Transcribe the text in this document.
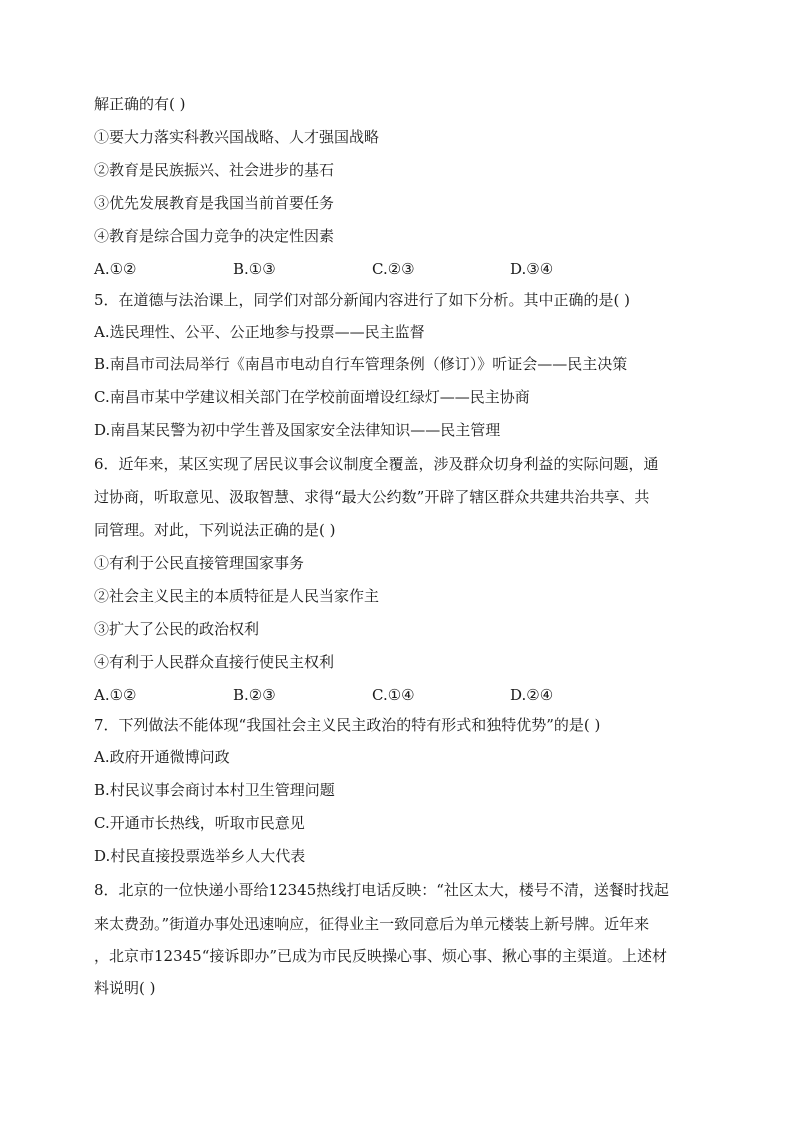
解正确的有( )
①要大力落实科教兴国战略、人才强国战略
②教育是民族振兴、社会进步的基石
③优先发展教育是我国当前首要任务
④教育是综合国力竞争的决定性因素
A.①②	B.①③	C.②③	D.③④
5．在道德与法治课上，同学们对部分新闻内容进行了如下分析。其中正确的是( )
A.选民理性、公平、公正地参与投票——民主监督
B.南昌市司法局举行《南昌市电动自行车管理条例（修订）》听证会——民主决策
C.南昌市某中学建议相关部门在学校前面增设红绿灯——民主协商
D.南昌某民警为初中学生普及国家安全法律知识——民主管理
6．近年来，某区实现了居民议事会议制度全覆盖，涉及群众切身利益的实际问题，通
过协商，听取意见、汲取智慧、求得“最大公约数”开辟了辖区群众共建共治共享、共
同管理。对此，下列说法正确的是( )
①有利于公民直接管理国家事务
②社会主义民主的本质特征是人民当家作主
③扩大了公民的政治权利
④有利于人民群众直接行使民主权利
A.①②	B.②③	C.①④	D.②④
7．下列做法不能体现“我国社会主义民主政治的特有形式和独特优势”的是( )
A.政府开通微博问政
B.村民议事会商讨本村卫生管理问题
C.开通市长热线，听取市民意见
D.村民直接投票选举乡人大代表
8．北京的一位快递小哥给12345热线打电话反映：“社区太大，楼号不清，送餐时找起
来太费劲。”街道办事处迅速响应，征得业主一致同意后为单元楼装上新号牌。近年来
，北京市12345“接诉即办”已成为市民反映操心事、烦心事、揪心事的主渠道。上述材
料说明( )
